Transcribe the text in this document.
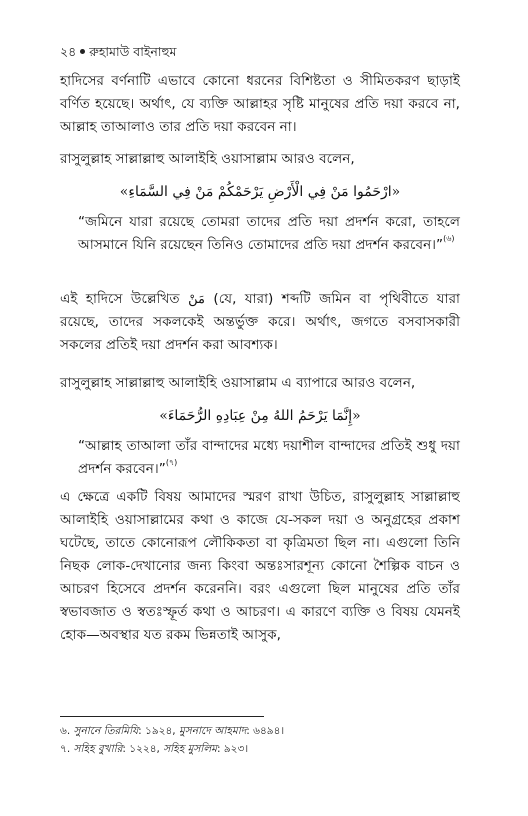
২৪ রুহামাউ বাইনাহুম

হাদিসের বর্ণনাটি এভাবে কোনো ধরনের বিশিষ্টতা ও সীমিতকরণ ছাড়াই বর্ণিত হয়েছে। অর্থাৎ, যে ব্যক্তি আল্লাহর সৃষ্টি মানুষের প্রতি দয়া করবে না, আল্লাহ তাআলাও তার প্রতি দয়া করবেন না।

রাসুলুল্লাহ সাল্লাল্লাহু আলাইহি ওয়াসাল্লাম আরও বলেন,

«ارْحَمُوا مَنْ فِي الْأَرْضِ يَرْحَمْكُمْ مَنْ فِي السَّمَاءِ»

“জমিনে যারা রয়েছে তোমরা তাদের প্রতি দয়া প্রদর্শন করো, তাহলে আসমানে যিনি রয়েছেন তিনিও তোমাদের প্রতি দয়া প্রদর্শন করবেন।”$^{(৬)}$

এই হাদিসে উল্লেখিত مَنْ (যে, যারা) শব্দটি জমিন বা পৃথিবীতে যারা রয়েছে, তাদের সকলকেই অন্তর্ভুক্ত করে। অর্থাৎ, জগতে বসবাসকারী সকলের প্রতিই দয়া প্রদর্শন করা আবশ্যক।

রাসুলুল্লাহ সাল্লাল্লাহু আলাইহি ওয়াসাল্লাম এ ব্যাপারে আরও বলেন,

«إِنَّمَا يَرْحَمُ اللهُ مِنْ عِبَادِهِ الرُّحَمَاءَ»

“আল্লাহ তাআলা তাঁর বান্দাদের মধ্যে দয়াশীল বান্দাদের প্রতিই শুধু দয়া প্রদর্শন করবেন।”$^{(৭)}$

এ ক্ষেত্রে একটি বিষয় আমাদের স্মরণ রাখা উচিত, রাসুলুল্লাহ সাল্লাল্লাহু আলাইহি ওয়াসাল্লামের কথা ও কাজে যে-সকল দয়া ও অনুগ্রহের প্রকাশ ঘটেছে, তাতে কোনোরূপ লৌকিকতা বা কৃত্রিমতা ছিল না। এগুলো তিনি নিছক লোক-দেখানোর জন্য কিংবা অন্তঃসারশূন্য কোনো শৈল্পিক বাচন ও আচরণ হিসেবে প্রদর্শন করেননি। বরং এগুলো ছিল মানুষের প্রতি তাঁর স্বভাবজাত ও স্বতঃস্ফূর্ত কথা ও আচরণ। এ কারণে ব্যক্তি ও বিষয় যেমনই হোক—অবস্থার যত রকম ভিন্নতাই আসুক,

৬. সুনানে তিরমিযি: ১৯২৪, মুসনাদে আহমাদ: ৬৪৯৪।
৭. সহিহ বুখারি: ১২২৪, সহিহ মুসলিম: ৯২৩।
